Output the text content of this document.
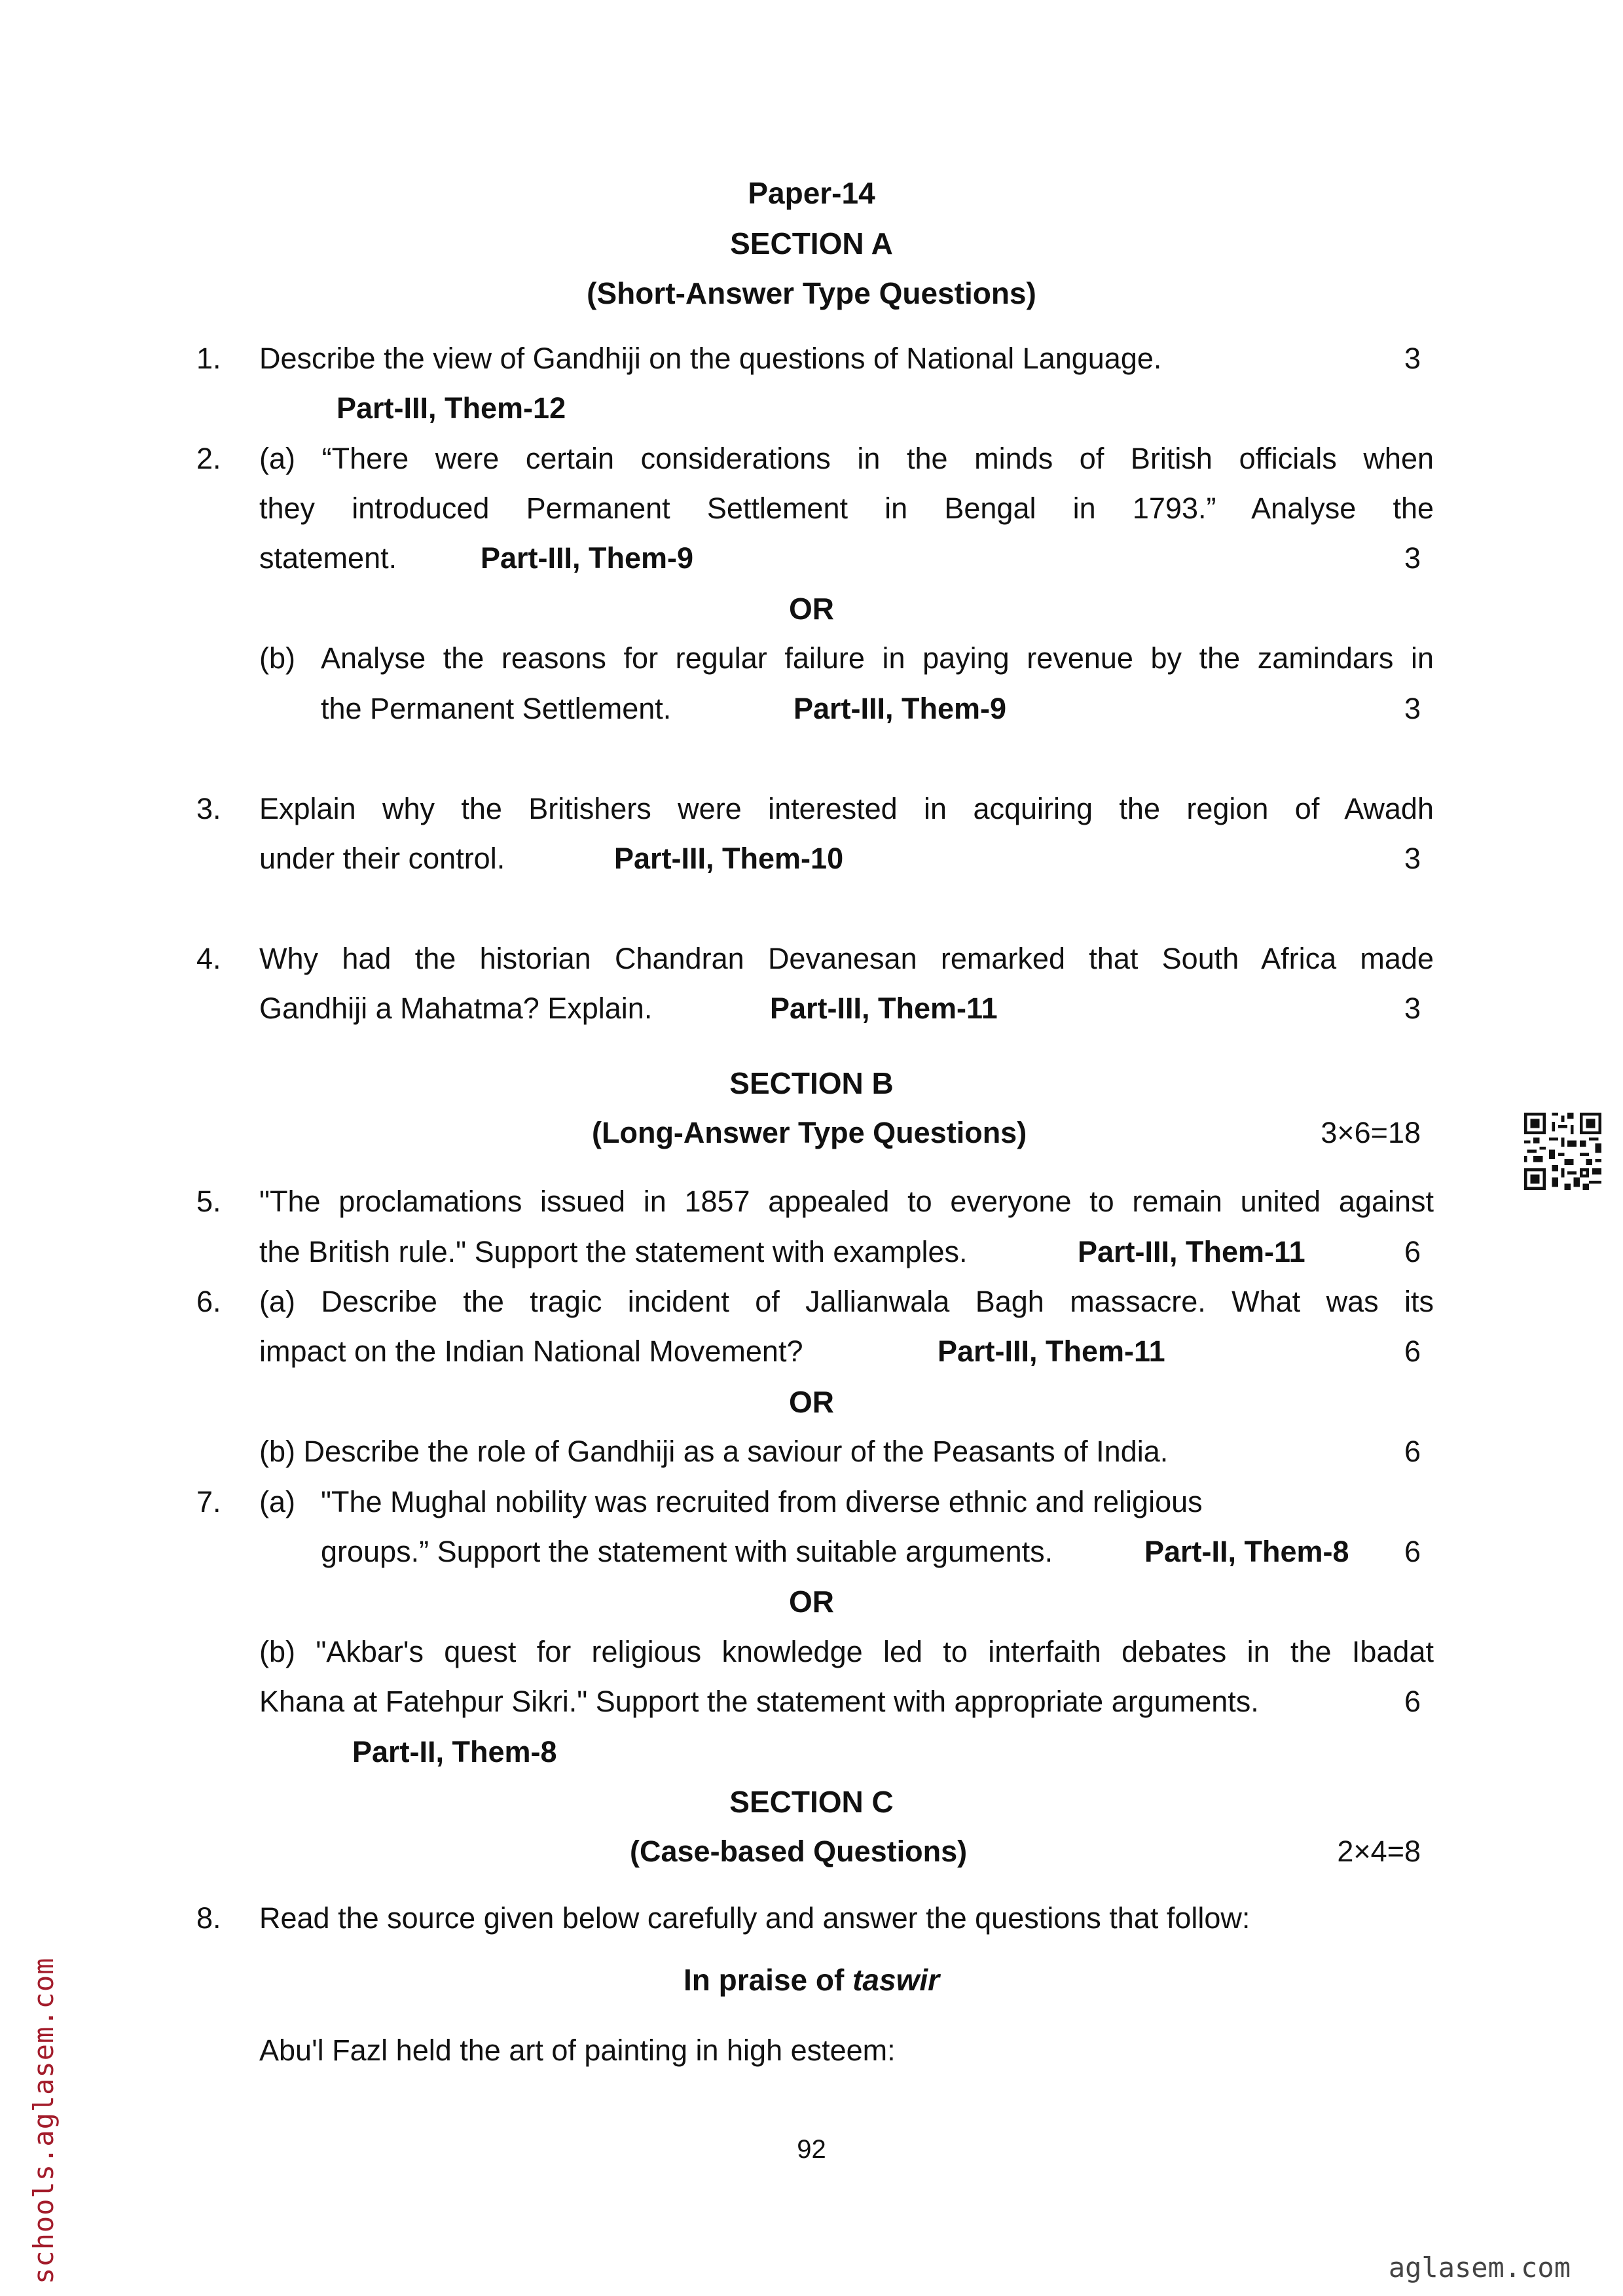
Paper-14
SECTION A
(Short-Answer Type Questions)
1. Describe the view of Gandhiji on the questions of National Language.	3
Part-III, Them-12
2. (a) “There were certain considerations in the minds of British officials when
they introduced Permanent Settlement in Bengal in 1793.” Analyse the
statement.	Part-III, Them-9	3
OR
(b) Analyse the reasons for regular failure in paying revenue by the zamindars in
the Permanent Settlement.	Part-III, Them-9	3
3. Explain why the Britishers were interested in acquiring the region of Awadh
under their control.	Part-III, Them-10	3
4. Why had the historian Chandran Devanesan remarked that South Africa made
Gandhiji a Mahatma? Explain.	Part-III, Them-11	3
SECTION B
(Long-Answer Type Questions)	3×6=18
5. "The proclamations issued in 1857 appealed to everyone to remain united against
the British rule." Support the statement with examples.	Part-III, Them-11	6
6. (a) Describe the tragic incident of Jallianwala Bagh massacre. What was its
impact on the Indian National Movement?	Part-III, Them-11	6
OR
(b) Describe the role of Gandhiji as a saviour of the Peasants of India.	6
7. (a) "The Mughal nobility was recruited from diverse ethnic and religious
groups.” Support the statement with suitable arguments.	Part-II, Them-8	6
OR
(b) "Akbar's quest for religious knowledge led to interfaith debates in the Ibadat
Khana at Fatehpur Sikri." Support the statement with appropriate arguments.	6
Part-II, Them-8
SECTION C
(Case-based Questions)	2×4=8
8. Read the source given below carefully and answer the questions that follow:
In praise of taswir
Abu'l Fazl held the art of painting in high esteem:
92
schools.aglasem.com	aglasem.com
